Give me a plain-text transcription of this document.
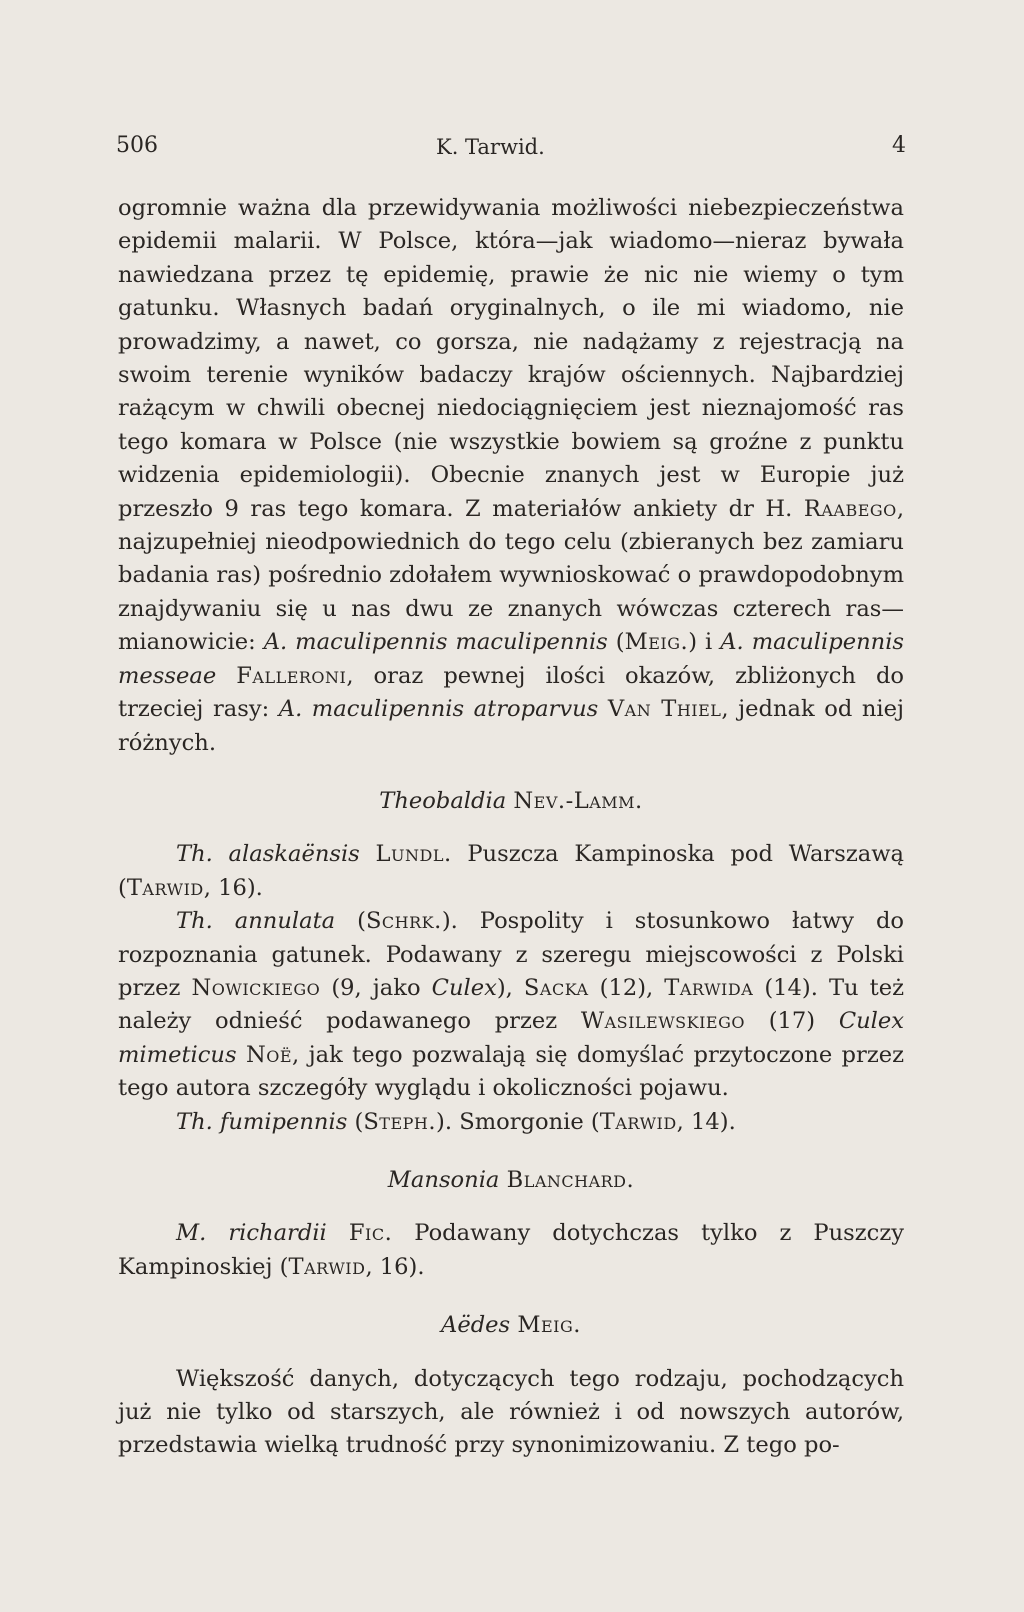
506	K. Tarwid.	4

ogromnie ważna dla przewidywania możliwości niebezpieczeństwa epidemii malarii. W Polsce, która—jak wiadomo—nieraz bywała nawiedzana przez tę epidemię, prawie że nic nie wiemy o tym gatunku. Własnych badań oryginalnych, o ile mi wiadomo, nie prowadzimy, a nawet, co gorsza, nie nadążamy z rejestracją na swoim terenie wyników badaczy krajów ościennych. Najbardziej rażącym w chwili obecnej niedociągnięciem jest nieznajomość ras tego komara w Polsce (nie wszystkie bowiem są groźne z punktu widzenia epidemiologii). Obecnie znanych jest w Europie już przeszło 9 ras tego komara. Z materiałów ankiety dr H. Raabego, najzupełniej nieodpowiednich do tego celu (zbieranych bez zamiaru badania ras) pośrednio zdołałem wywnioskować o prawdopodobnym znajdywaniu się u nas dwu ze znanych wówczas czterech ras—mianowicie: A. maculipennis maculipennis (Meig.) i A. maculipennis messeae Falleroni, oraz pewnej ilości okazów, zbliżonych do trzeciej rasy: A. maculipennis atroparvus Van Thiel, jednak od niej różnych.

Theobaldia Nev.-Lamm.

Th. alaskaënsis Lundl. Puszcza Kampinoska pod Warszawą (Tarwid, 16).

Th. annulata (Schrk.). Pospolity i stosunkowo łatwy do rozpoznania gatunek. Podawany z szeregu miejscowości z Polski przez Nowickiego (9, jako Culex), Sacka (12), Tarwida (14). Tu też należy odnieść podawanego przez Wasilewskiego (17) Culex mimeticus Noë, jak tego pozwalają się domyślać przytoczone przez tego autora szczegóły wyglądu i okoliczności pojawu.

Th. fumipennis (Steph.). Smorgonie (Tarwid, 14).

Mansonia Blanchard.

M. richardii Fic. Podawany dotychczas tylko z Puszczy Kampinoskiej (Tarwid, 16).

Aëdes Meig.

Większość danych, dotyczących tego rodzaju, pochodzących już nie tylko od starszych, ale również i od nowszych autorów, przedstawia wielką trudność przy synonimizowaniu. Z tego po-
